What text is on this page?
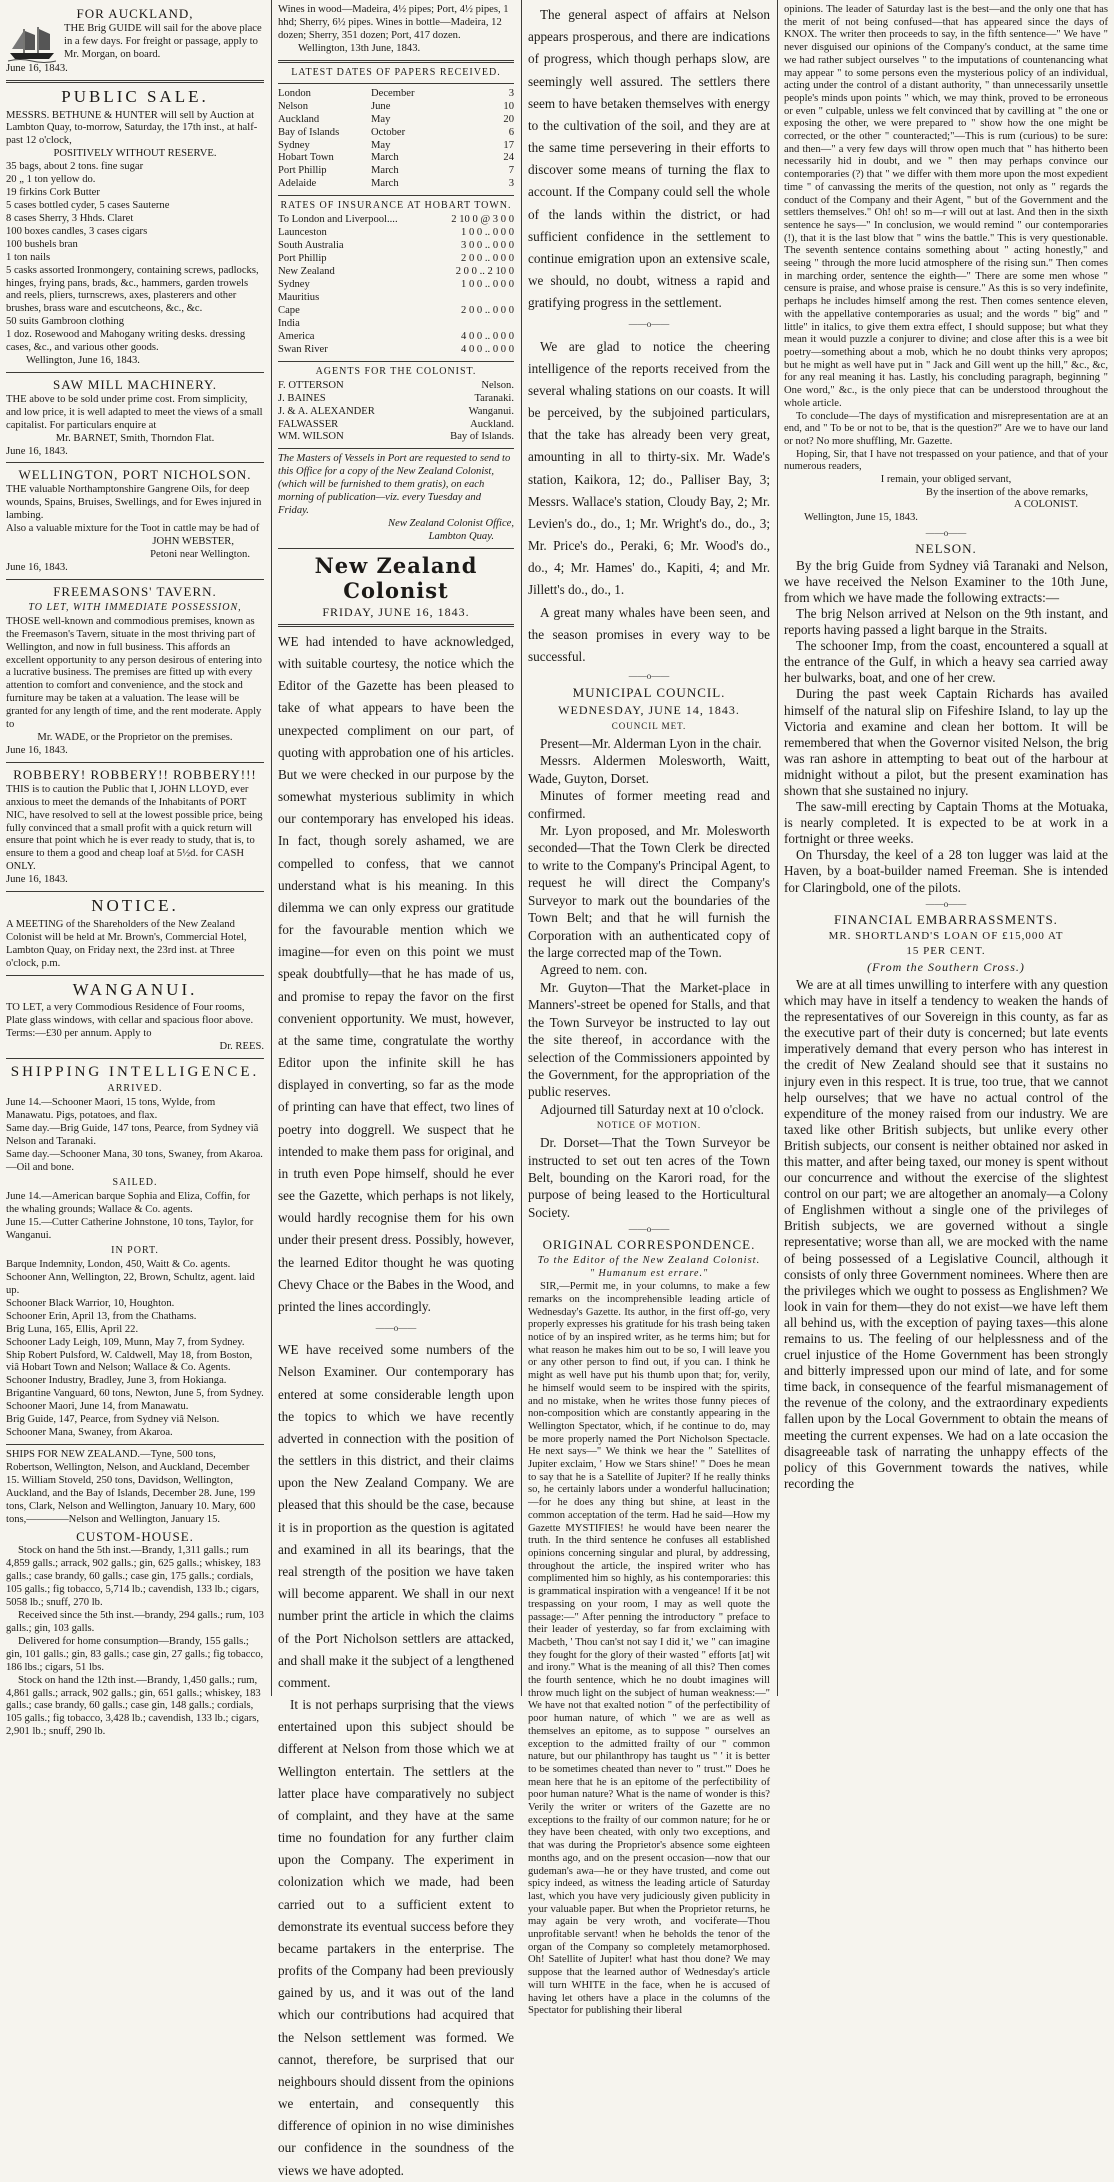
FOR AUCKLAND,

THE Brig GUIDE will sail for the above place in a few days. For freight or passage, apply to Mr. Morgan, on board.

June 16, 1843.

PUBLIC SALE.

MESSRS. BETHUNE & HUNTER will sell by Auction at Lambton Quay, to-morrow, Saturday, the 17th inst., at half-past 12 o'clock,

POSITIVELY WITHOUT RESERVE.

35 bags, about 2 tons. fine sugar

20 „ 1 ton yellow do.

19 firkins Cork Butter

5 cases bottled cyder, 5 cases Sauterne

8 cases Sherry, 3 Hhds. Claret

100 boxes candles, 3 cases cigars

100 bushels bran

1 ton nails

5 casks assorted Ironmongery, containing screws, padlocks, hinges, frying pans, brads, &c., hammers, garden trowels and reels, pliers, turnscrews, axes, plasterers and other brushes, brass ware and escutcheons, &c., &c.

50 suits Gambroon clothing

1 doz. Rosewood and Mahogany writing desks. dressing cases, &c., and various other goods.

Wellington, June 16, 1843.

SAW MILL MACHINERY.

THE above to be sold under prime cost. From simplicity, and low price, it is well adapted to meet the views of a small capitalist. For particulars enquire at

Mr. BARNET, Smith, Thorndon Flat.

June 16, 1843.

WELLINGTON, PORT NICHOLSON.

THE valuable Northamptonshire Gangrene Oils, for deep wounds, Spains, Bruises, Swellings, and for Ewes injured in lambing.

Also a valuable mixture for the Toot in cattle may be had of

JOHN WEBSTER,

Petoni near Wellington.

June 16, 1843.

FREEMASONS' TAVERN.
TO LET, WITH IMMEDIATE POSSESSION,

THOSE well-known and commodious premises, known as the Freemason's Tavern, situate in the most thriving part of Wellington, and now in full business. This affords an excellent opportunity to any person desirous of entering into a lucrative business. The premises are fitted up with every attention to comfort and convenience, and the stock and furniture may be taken at a valuation. The lease will be granted for any length of time, and the rent moderate. Apply to

Mr. WADE, or the Proprietor on the premises.

June 16, 1843.

ROBBERY! ROBBERY!! ROBBERY!!!

THIS is to caution the Public that I, JOHN LLOYD, ever anxious to meet the demands of the Inhabitants of PORT NIC, have resolved to sell at the lowest possible price, being fully convinced that a small profit with a quick return will ensure that point which he is ever ready to study, that is, to ensure to them a good and cheap loaf at 5½d. for CASH ONLY.

June 16, 1843.

NOTICE.

A MEETING of the Shareholders of the New Zealand Colonist will be held at Mr. Brown's, Commercial Hotel, Lambton Quay, on Friday next, the 23rd inst. at Three o'clock, p.m.

WANGANUI.

TO LET, a very Commodious Residence of Four rooms, Plate glass windows, with cellar and spacious floor above. Terms:—£30 per annum. Apply to

Dr. REES.

SHIPPING INTELLIGENCE.
ARRIVED.

June 14.—Schooner Maori, 15 tons, Wylde, from Manawatu. Pigs, potatoes, and flax.

Same day.—Brig Guide, 147 tons, Pearce, from Sydney viâ Nelson and Taranaki.

Same day.—Schooner Mana, 30 tons, Swaney, from Akaroa.—Oil and bone.

SAILED.

June 14.—American barque Sophia and Eliza, Coffin, for the whaling grounds; Wallace & Co. agents.

June 15.—Cutter Catherine Johnstone, 10 tons, Taylor, for Wanganui.

IN PORT.

Barque Indemnity, London, 450, Waitt & Co. agents.

Schooner Ann, Wellington, 22, Brown, Schultz, agent. laid up.

Schooner Black Warrior, 10, Houghton.

Schooner Erin, April 13, from the Chathams.

Brig Luna, 165, Ellis, April 22.

Schooner Lady Leigh, 109, Munn, May 7, from Sydney.

Ship Robert Pulsford, W. Caldwell, May 18, from Boston, viâ Hobart Town and Nelson; Wallace & Co. Agents.

Schooner Industry, Bradley, June 3, from Hokianga.

Brigantine Vanguard, 60 tons, Newton, June 5, from Sydney.

Schooner Maori, June 14, from Manawatu.

Brig Guide, 147, Pearce, from Sydney viâ Nelson.

Schooner Mana, Swaney, from Akaroa.

SHIPS FOR NEW ZEALAND.—Tyne, 500 tons, Robertson, Wellington, Nelson, and Auckland, December 15. William Stoveld, 250 tons, Davidson, Wellington, Auckland, and the Bay of Islands, December 28. June, 199 tons, Clark, Nelson and Wellington, January 10. Mary, 600 tons,————Nelson and Wellington, January 15.

CUSTOM-HOUSE.

Stock on hand the 5th inst.—Brandy, 1,311 galls.; rum 4,859 galls.; arrack, 902 galls.; gin, 625 galls.; whiskey, 183 galls.; case brandy, 60 galls.; case gin, 175 galls.; cordials, 105 galls.; fig tobacco, 5,714 lb.; cavendish, 133 lb.; cigars, 5058 lb.; snuff, 270 lb.

Received since the 5th inst.—brandy, 294 galls.; rum, 103 galls.; gin, 103 galls.

Delivered for home consumption—Brandy, 155 galls.; gin, 101 galls.; gin, 83 galls.; case gin, 27 galls.; fig tobacco, 186 lbs.; cigars, 51 lbs.

Stock on hand the 12th inst.—Brandy, 1,450 galls.; rum, 4,861 galls.; arrack, 902 galls.; gin, 651 galls.; whiskey, 183 galls.; case brandy, 60 galls.; case gin, 148 galls.; cordials, 105 galls.; fig tobacco, 3,428 lb.; cavendish, 133 lb.; cigars, 2,901 lb.; snuff, 290 lb.

Wines in wood—Madeira, 4½ pipes; Port, 4½ pipes, 1 hhd; Sherry, 6½ pipes. Wines in bottle—Madeira, 12 dozen; Sherry, 351 dozen; Port, 417 dozen.

Wellington, 13th June, 1843.

LATEST DATES OF PAPERS RECEIVED.
London	December	3
Nelson	June	10
Auckland	May	20
Bay of Islands	October	6
Sydney	May	17
Hobart Town	March	24
Port Phillip	March	7
Adelaide	March	3
RATES OF INSURANCE AT HOBART TOWN.
To London and Liverpool....	2 10 0 @ 3 0 0
Launceston	1 0 0 .. 0 0 0
South Australia	3 0 0 .. 0 0 0
Port Phillip	2 0 0 .. 0 0 0
New Zealand	2 0 0 .. 2 10 0
Sydney	1 0 0 .. 0 0 0
Mauritius
Cape	2 0 0 .. 0 0 0
India
America	4 0 0 .. 0 0 0
Swan River	4 0 0 .. 0 0 0
AGENTS FOR THE COLONIST.
F. OTTERSON	Nelson.
J. BAINES	Taranaki.
J. & A. ALEXANDER	Wanganui.
FALWASSER	Auckland.
WM. WILSON	Bay of Islands.

The Masters of Vessels in Port are requested to send to this Office for a copy of the New Zealand Colonist, (which will be furnished to them gratis), on each morning of publication—viz. every Tuesday and Friday.

New Zealand Colonist Office,

Lambton Quay.

New Zealand Colonist
FRIDAY, JUNE 16, 1843.

WE had intended to have acknowledged, with suitable courtesy, the notice which the Editor of the Gazette has been pleased to take of what appears to have been the unexpected compliment on our part, of quoting with approbation one of his articles. But we were checked in our purpose by the somewhat mysterious sublimity in which our contemporary has enveloped his ideas. In fact, though sorely ashamed, we are compelled to confess, that we cannot understand what is his meaning. In this dilemma we can only express our gratitude for the favourable mention which we imagine—for even on this point we must speak doubtfully—that he has made of us, and promise to repay the favor on the first convenient opportunity. We must, however, at the same time, congratulate the worthy Editor upon the infinite skill he has displayed in converting, so far as the mode of printing can have that effect, two lines of poetry into doggrell. We suspect that he intended to make them pass for original, and in truth even Pope himself, should he ever see the Gazette, which perhaps is not likely, would hardly recognise them for his own under their present dress. Possibly, however, the learned Editor thought he was quoting Chevy Chace or the Babes in the Wood, and printed the lines accordingly.

——o——

WE have received some numbers of the Nelson Examiner. Our contemporary has entered at some considerable length upon the topics to which we have recently adverted in connection with the position of the settlers in this district, and their claims upon the New Zealand Company. We are pleased that this should be the case, because it is in proportion as the question is agitated and examined in all its bearings, that the real strength of the position we have taken will become apparent. We shall in our next number print the article in which the claims of the Port Nicholson settlers are attacked, and shall make it the subject of a lengthened comment.

It is not perhaps surprising that the views entertained upon this subject should be different at Nelson from those which we at Wellington entertain. The settlers at the latter place have comparatively no subject of complaint, and they have at the same time no foundation for any further claim upon the Company. The experiment in colonization which we made, had been carried out to a sufficient extent to demonstrate its eventual success before they became partakers in the enterprise. The profits of the Company had been previously gained by us, and it was out of the land which our contributions had acquired that the Nelson settlement was formed. We cannot, therefore, be surprised that our neighbours should dissent from the opinions we entertain, and consequently this difference of opinion in no wise diminishes our confidence in the soundness of the views we have adopted.

The general aspect of affairs at Nelson appears prosperous, and there are indications of progress, which though perhaps slow, are seemingly well assured. The settlers there seem to have betaken themselves with energy to the cultivation of the soil, and they are at the same time persevering in their efforts to discover some means of turning the flax to account. If the Company could sell the whole of the lands within the district, or had sufficient confidence in the settlement to continue emigration upon an extensive scale, we should, no doubt, witness a rapid and gratifying progress in the settlement.

——o——

We are glad to notice the cheering intelligence of the reports received from the several whaling stations on our coasts. It will be perceived, by the subjoined particulars, that the take has already been very great, amounting in all to thirty-six. Mr. Wade's station, Kaikora, 12; do., Palliser Bay, 3; Messrs. Wallace's station, Cloudy Bay, 2; Mr. Levien's do., do., 1; Mr. Wright's do., do., 3; Mr. Price's do., Peraki, 6; Mr. Wood's do., do., 4; Mr. Hames' do., Kapiti, 4; and Mr. Jillett's do., do., 1.

A great many whales have been seen, and the season promises in every way to be successful.

——o——
MUNICIPAL COUNCIL.
WEDNESDAY, JUNE 14, 1843.
COUNCIL MET.

Present—Mr. Alderman Lyon in the chair.

Messrs. Aldermen Molesworth, Waitt, Wade, Guyton, Dorset.

Minutes of former meeting read and confirmed.

Mr. Lyon proposed, and Mr. Molesworth seconded—That the Town Clerk be directed to write to the Company's Principal Agent, to request he will direct the Company's Surveyor to mark out the boundaries of the Town Belt; and that he will furnish the Corporation with an authenticated copy of the large corrected map of the Town.

Agreed to nem. con.

Mr. Guyton—That the Market-place in Manners'-street be opened for Stalls, and that the Town Surveyor be instructed to lay out the site thereof, in accordance with the selection of the Commissioners appointed by the Government, for the appropriation of the public reserves.

Adjourned till Saturday next at 10 o'clock.

NOTICE OF MOTION.

Dr. Dorset—That the Town Surveyor be instructed to set out ten acres of the Town Belt, bounding on the Karori road, for the purpose of being leased to the Horticultural Society.

——o——
ORIGINAL CORRESPONDENCE.
To the Editor of the New Zealand Colonist.
" Humanum est errare."

SIR,—Permit me, in your columns, to make a few remarks on the incomprehensible leading article of Wednesday's Gazette. Its author, in the first off-go, very properly expresses his gratitude for his trash being taken notice of by an inspired writer, as he terms him; but for what reason he makes him out to be so, I will leave you or any other person to find out, if you can. I think he might as well have put his thumb upon that; for, verily, he himself would seem to be inspired with the spirits, and no mistake, when he writes those funny pieces of non-composition which are constantly appearing in the Wellington Spectator, which, if he continue to do, may be more properly named the Port Nicholson Spectacle. He next says—" We think we hear the " Satellites of Jupiter exclaim, ' How we Stars shine!' " Does he mean to say that he is a Satellite of Jupiter? If he really thinks so, he certainly labors under a wonderful hallucination;—for he does any thing but shine, at least in the common acceptation of the term. Had he said—How my Gazette MYSTIFIES! he would have been nearer the truth. In the third sentence he confuses all established opinions concerning singular and plural, by addressing, throughout the article, the inspired writer who has complimented him so highly, as his contemporaries: this is grammatical inspiration with a vengeance! If it be not trespassing on your room, I may as well quote the passage:—" After penning the introductory " preface to their leader of yesterday, so far from exclaiming with Macbeth, ' Thou can'st not say I did it,' we " can imagine they fought for the glory of their wasted " efforts [at] wit and irony." What is the meaning of all this? Then comes the fourth sentence, which he no doubt imagines will throw much light on the subject of human weakness:—" We have not that exalted notion " of the perfectibility of poor human nature, of which " we are as well as themselves an epitome, as to suppose " ourselves an exception to the admitted frailty of our " common nature, but our philanthropy has taught us " ' it is better to be sometimes cheated than never to " trust.'" Does he mean here that he is an epitome of the perfectibility of poor human nature? What is the name of wonder is this? Verily the writer or writers of the Gazette are no exceptions to the frailty of our common nature; for he or they have been cheated, with only two exceptions, and that was during the Proprietor's absence some eighteen months ago, and on the present occasion—now that our gudeman's awa—he or they have trusted, and come out spicy indeed, as witness the leading article of Saturday last, which you have very judiciously given publicity in your valuable paper. But when the Proprietor returns, he may again be very wroth, and vociferate—Thou unprofitable servant! when he beholds the tenor of the organ of the Company so completely metamorphosed. Oh! Satellite of Jupiter! what hast thou done? We may suppose that the learned author of Wednesday's article will turn WHITE in the face, when he is accused of having let others have a place in the columns of the Spectator for publishing their liberal

opinions. The leader of Saturday last is the best—and the only one that has the merit of not being confused—that has appeared since the days of KNOX. The writer then proceeds to say, in the fifth sentence—" We have " never disguised our opinions of the Company's conduct, at the same time we had rather subject ourselves " to the imputations of countenancing what may appear " to some persons even the mysterious policy of an individual, acting under the control of a distant authority, " than unnecessarily unsettle people's minds upon points " which, we may think, proved to be erroneous or even " culpable, unless we felt convinced that by cavilling at " the one or exposing the other, we were prepared to " show how the one might be corrected, or the other " counteracted;"—This is rum (curious) to be sure: and then—" a very few days will throw open much that " has hitherto been necessarily hid in doubt, and we " then may perhaps convince our contemporaries (?) that " we differ with them more upon the most expedient time " of canvassing the merits of the question, not only as " regards the conduct of the Company and their Agent, " but of the Government and the settlers themselves." Oh! oh! so m—r will out at last. And then in the sixth sentence he says—" In conclusion, we would remind " our contemporaries (!), that it is the last blow that " wins the battle." This is very questionable. The seventh sentence contains something about " acting honestly," and seeing " through the more lucid atmosphere of the rising sun." Then comes in marching order, sentence the eighth—" There are some men whose " censure is praise, and whose praise is censure." As this is so very indefinite, perhaps he includes himself among the rest. Then comes sentence eleven, with the appellative contemporaries as usual; and the words " big" and " little" in italics, to give them extra effect, I should suppose; but what they mean it would puzzle a conjurer to divine; and close after this is a wee bit poetry—something about a mob, which he no doubt thinks very apropos; but he might as well have put in " Jack and Gill went up the hill," &c., &c, for any real meaning it has. Lastly, his concluding paragraph, beginning " One word," &c., is the only piece that can be understood throughout the whole article.

To conclude—The days of mystification and misrepresentation are at an end, and " To be or not to be, that is the question?" Are we to have our land or not? No more shuffling, Mr. Gazette.

Hoping, Sir, that I have not trespassed on your patience, and that of your numerous readers,

I remain, your obliged servant,

By the insertion of the above remarks,

A COLONIST.

Wellington, June 15, 1843.

——o——
NELSON.

By the brig Guide from Sydney viâ Taranaki and Nelson, we have received the Nelson Examiner to the 10th June, from which we have made the following extracts:—

The brig Nelson arrived at Nelson on the 9th instant, and reports having passed a light barque in the Straits.

The schooner Imp, from the coast, encountered a squall at the entrance of the Gulf, in which a heavy sea carried away her bulwarks, boat, and one of her crew.

During the past week Captain Richards has availed himself of the natural slip on Fifeshire Island, to lay up the Victoria and examine and clean her bottom. It will be remembered that when the Governor visited Nelson, the brig was ran ashore in attempting to beat out of the harbour at midnight without a pilot, but the present examination has shown that she sustained no injury.

The saw-mill erecting by Captain Thoms at the Motuaka, is nearly completed. It is expected to be at work in a fortnight or three weeks.

On Thursday, the keel of a 28 ton lugger was laid at the Haven, by a boat-builder named Freeman. She is intended for Claringbold, one of the pilots.

——o——
FINANCIAL EMBARRASSMENTS.
MR. SHORTLAND'S LOAN OF £15,000 AT
15 PER CENT.
(From the Southern Cross.)

We are at all times unwilling to interfere with any question which may have in itself a tendency to weaken the hands of the representatives of our Sovereign in this county, as far as the executive part of their duty is concerned; but late events imperatively demand that every person who has interest in the credit of New Zealand should see that it sustains no injury even in this respect. It is true, too true, that we cannot help ourselves; that we have no actual control of the expenditure of the money raised from our industry. We are taxed like other British subjects, but unlike every other British subjects, our consent is neither obtained nor asked in this matter, and after being taxed, our money is spent without our concurrence and without the exercise of the slightest control on our part; we are altogether an anomaly—a Colony of Englishmen without a single one of the privileges of British subjects, we are governed without a single representative; worse than all, we are mocked with the name of being possessed of a Legislative Council, although it consists of only three Government nominees. Where then are the privileges which we ought to possess as Englishmen? We look in vain for them—they do not exist—we have left them all behind us, with the exception of paying taxes—this alone remains to us. The feeling of our helplessness and of the cruel injustice of the Home Government has been strongly and bitterly impressed upon our mind of late, and for some time back, in consequence of the fearful mismanagement of the revenue of the colony, and the extraordinary expedients fallen upon by the Local Government to obtain the means of meeting the current expenses. We had on a late occasion the disagreeable task of narrating the unhappy effects of the policy of this Government towards the natives, while recording the
